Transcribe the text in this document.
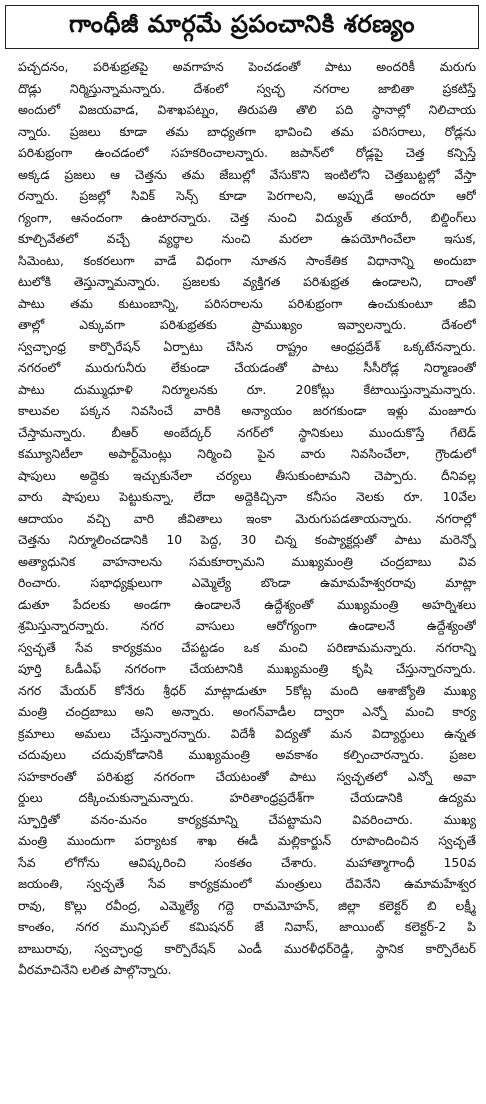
గాంధీజీ మార్గమే ప్రపంచానికి శరణ్యం
పచ్చదనం, పరిశుభ్రతపై అవగాహన పెంచడంతో పాటు అందరికీ మరుగు
దొడ్లు నిర్మిస్తున్నామన్నారు. దేశంలో స్వచ్ఛ నగరాల జాబితా ప్రకటిస్తే
అందులో విజయవాడ, విశాఖపట్నం, తిరుపతి తొలి పది స్థానాల్లో నిలిచాయ
న్నారు. ప్రజలు కూడా తమ బాధ్యతగా భావించి తమ పరిసరాలు, రోడ్లను
పరిశుభ్రంగా ఉంచడంలో సహకరించాలన్నారు. జపాన్‌లో రోడ్లపై చెత్త కన్పిస్తే
అక్కడ ప్రజలు ఆ చెత్తను తమ జేబుల్లో వేసుకొని ఇంటిలోని చెత్తబుట్టల్లో వేస్తా
రన్నారు. ప్రజల్లో సివిక్ సెన్స్ కూడా పెరగాలని, అప్పుడే అందరూ ఆరో
గ్యంగా, ఆనందంగా ఉంటారన్నారు. చెత్త నుంచి విద్యుత్ తయారీ, బిల్డింగ్‌లు
కూల్చివేతలో వచ్చే వ్యర్థాల నుంచి మరలా ఉపయోగించేలా ఇసుక,
సిమెంటు, కంకరలుగా వాడే విధంగా నూతన సాంకేతిక విధానాన్ని అందుబా
టులోకి తెస్తున్నామన్నారు. ప్రజలకు వ్యక్తిగత పరిశుభ్రత ఉండాలని, దాంతో
పాటు తమ కుటుంబాన్ని, పరిసరాలను పరిశుభ్రంగా ఉంచుకుంటూ జీవి
తాల్లో ఎక్కువగా పరిశుభ్రతకు ప్రాముఖ్యం ఇవ్వాలన్నారు. దేశంలో
స్వచ్ఛాంధ్ర కార్పొరేషన్ ఏర్పాటు చేసిన రాష్ట్రం ఆంధ్రప్రదేశ్ ఒక్కటేనన్నారు.
నగరంలో మురుగునీరు లేకుండా చేయడంతో పాటు సీసీరోడ్ల నిర్మాణంతో
పాటు దుమ్ముధూళి నిర్మూలనకు రూ. 20కోట్లు కేటాయిస్తున్నామన్నారు.
కాలువల పక్కన నివసించే వారికి అన్యాయం జరగకుండా ఇళ్లు మంజూరు
చేస్తామన్నారు. బీఆర్ అంబేద్కర్ నగర్‌లో స్థానికులు ముందుకొస్తే గేటెడ్
కమ్యూనిటీలా అపార్ట్‌మెంట్లు నిర్మించి పైన వారు నివసించేలా, గ్రౌండులో
షాపులు అద్దెకు ఇచ్చుకునేలా చర్యలు తీసుకుంటామని చెప్పారు. దీనివల్ల
వారు షాపులు పెట్టుకున్నా, లేదా అద్దెకిచ్చినా కనీసం నెలకు రూ. 10వేల
ఆదాయం వచ్చి వారి జీవితాలు ఇంకా మెరుగుపడతాయన్నారు. నగరాల్లో
చెత్తను నిర్మూలించడానికి 10 పెద్ద, 30 చిన్న కంప్యాక్టర్లుతో పాటు మరెన్నో
అత్యాధునిక వాహనాలను సమకూర్చామని ముఖ్యమంత్రి చంద్రబాబు వివ
రించారు. సభాధ్యక్షులుగా ఎమ్మెల్యే బొండా ఉమామహేశ్వరరావు మాట్లా
డుతూ పేదలకు అండగా ఉండాలనే ఉద్దేశ్యంతో ముఖ్యమంత్రి అహర్నిశలు
శ్రమిస్తున్నారన్నారు. నగర వాసులు ఆరోగ్యంగా ఉండాలనే ఉద్దేశ్యంతో
స్వచ్ఛతే సేవ కార్యక్రమం చేపట్టడం ఒక మంచి పరిణామమన్నారు. నగరాన్ని
పూర్తి ఓడీఎఫ్ నగరంగా చేయటానికి ముఖ్యమంత్రి కృషి చేస్తున్నారన్నారు.
నగర మేయర్ కోనేరు శ్రీధర్ మాట్లాడుతూ 5కోట్ల మంది ఆశాజ్యోతి ముఖ్య
మంత్రి చంద్రబాబు అని అన్నారు. అంగన్‌వాడీల ద్వారా ఎన్నో మంచి కార్య
క్రమాలు అమలు చేస్తున్నారన్నారు. విదేశీ విద్యతో మన విద్యార్థులు ఉన్నత
చదువులు చదువుకోడానికి ముఖ్యమంత్రి అవకాశం కల్పించారన్నారు. ప్రజల
సహకారంతో పరిశుభ్ర నగరంగా చేయటంతో పాటు స్వచ్ఛతలో ఎన్నో అవా
ర్డులు దక్కించుకున్నామన్నారు. హరితాంధ్రప్రదేశ్‌గా చేయడానికి ఉద్యమ
స్ఫూర్తితో వనం-మనం కార్యక్రమాన్ని చేపట్టామని వివరించారు. ముఖ్య
మంత్రి ముందుగా పర్యాటక శాఖ ఈడీ మల్లికార్జున్ రూపొందించిన స్వచ్ఛతే
సేవ లోగోను ఆవిష్కరించి సంకతం చేశారు. మహాత్మాగాంధీ 150వ
జయంతి, స్వచ్ఛతే సేవ కార్యక్రమంలో మంత్రులు దేవినేని ఉమామహేశ్వర
రావు, కొల్లు రవీంద్ర, ఎమ్మెల్యే గద్దె రామమోహన్, జిల్లా కలెక్టర్ బి లక్ష్మీ
కాంతం, నగర మున్సిపల్ కమిషనర్ జే నివాస్, జాయింట్ కలెక్టర్-2 పి
బాబురావు, స్వచ్ఛాంధ్ర కార్పొరేషన్ ఎండీ మురళీధర్‌రెడ్డి, స్థానిక కార్పొరేటర్
వీరమాచినేని లలిత పాల్గొన్నారు.
